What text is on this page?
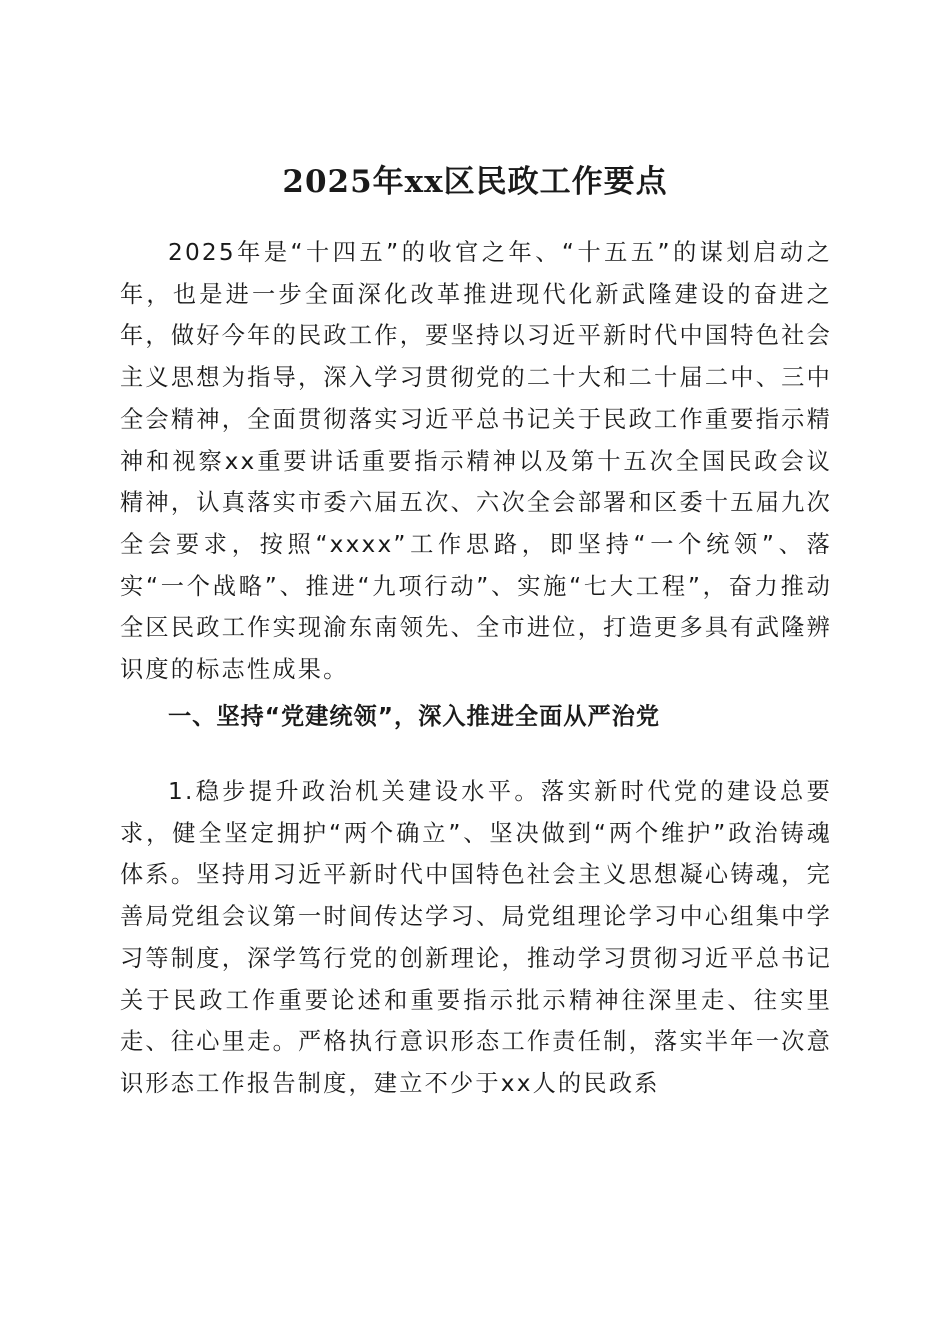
2025年xx区民政工作要点

2025年是“十四五”的收官之年、“十五五”的谋划启动之年，也是进一步全面深化改革推进现代化新武隆建设的奋进之年，做好今年的民政工作，要坚持以习近平新时代中国特色社会主义思想为指导，深入学习贯彻党的二十大和二十届二中、三中全会精神，全面贯彻落实习近平总书记关于民政工作重要指示精神和视察xx重要讲话重要指示精神以及第十五次全国民政会议精神，认真落实市委六届五次、六次全会部署和区委十五届九次全会要求，按照“xxxx”工作思路，即坚持“一个统领”、落实“一个战略”、推进“九项行动”、实施“七大工程”，奋力推动全区民政工作实现渝东南领先、全市进位，打造更多具有武隆辨识度的标志性成果。

一、坚持“党建统领”，深入推进全面从严治党

1.稳步提升政治机关建设水平。落实新时代党的建设总要求，健全坚定拥护“两个确立”、坚决做到“两个维护”政治铸魂体系。坚持用习近平新时代中国特色社会主义思想凝心铸魂，完善局党组会议第一时间传达学习、局党组理论学习中心组集中学习等制度，深学笃行党的创新理论，推动学习贯彻习近平总书记关于民政工作重要论述和重要指示批示精神往深里走、往实里走、往心里走。严格执行意识形态工作责任制，落实半年一次意识形态工作报告制度，建立不少于xx人的民政系
